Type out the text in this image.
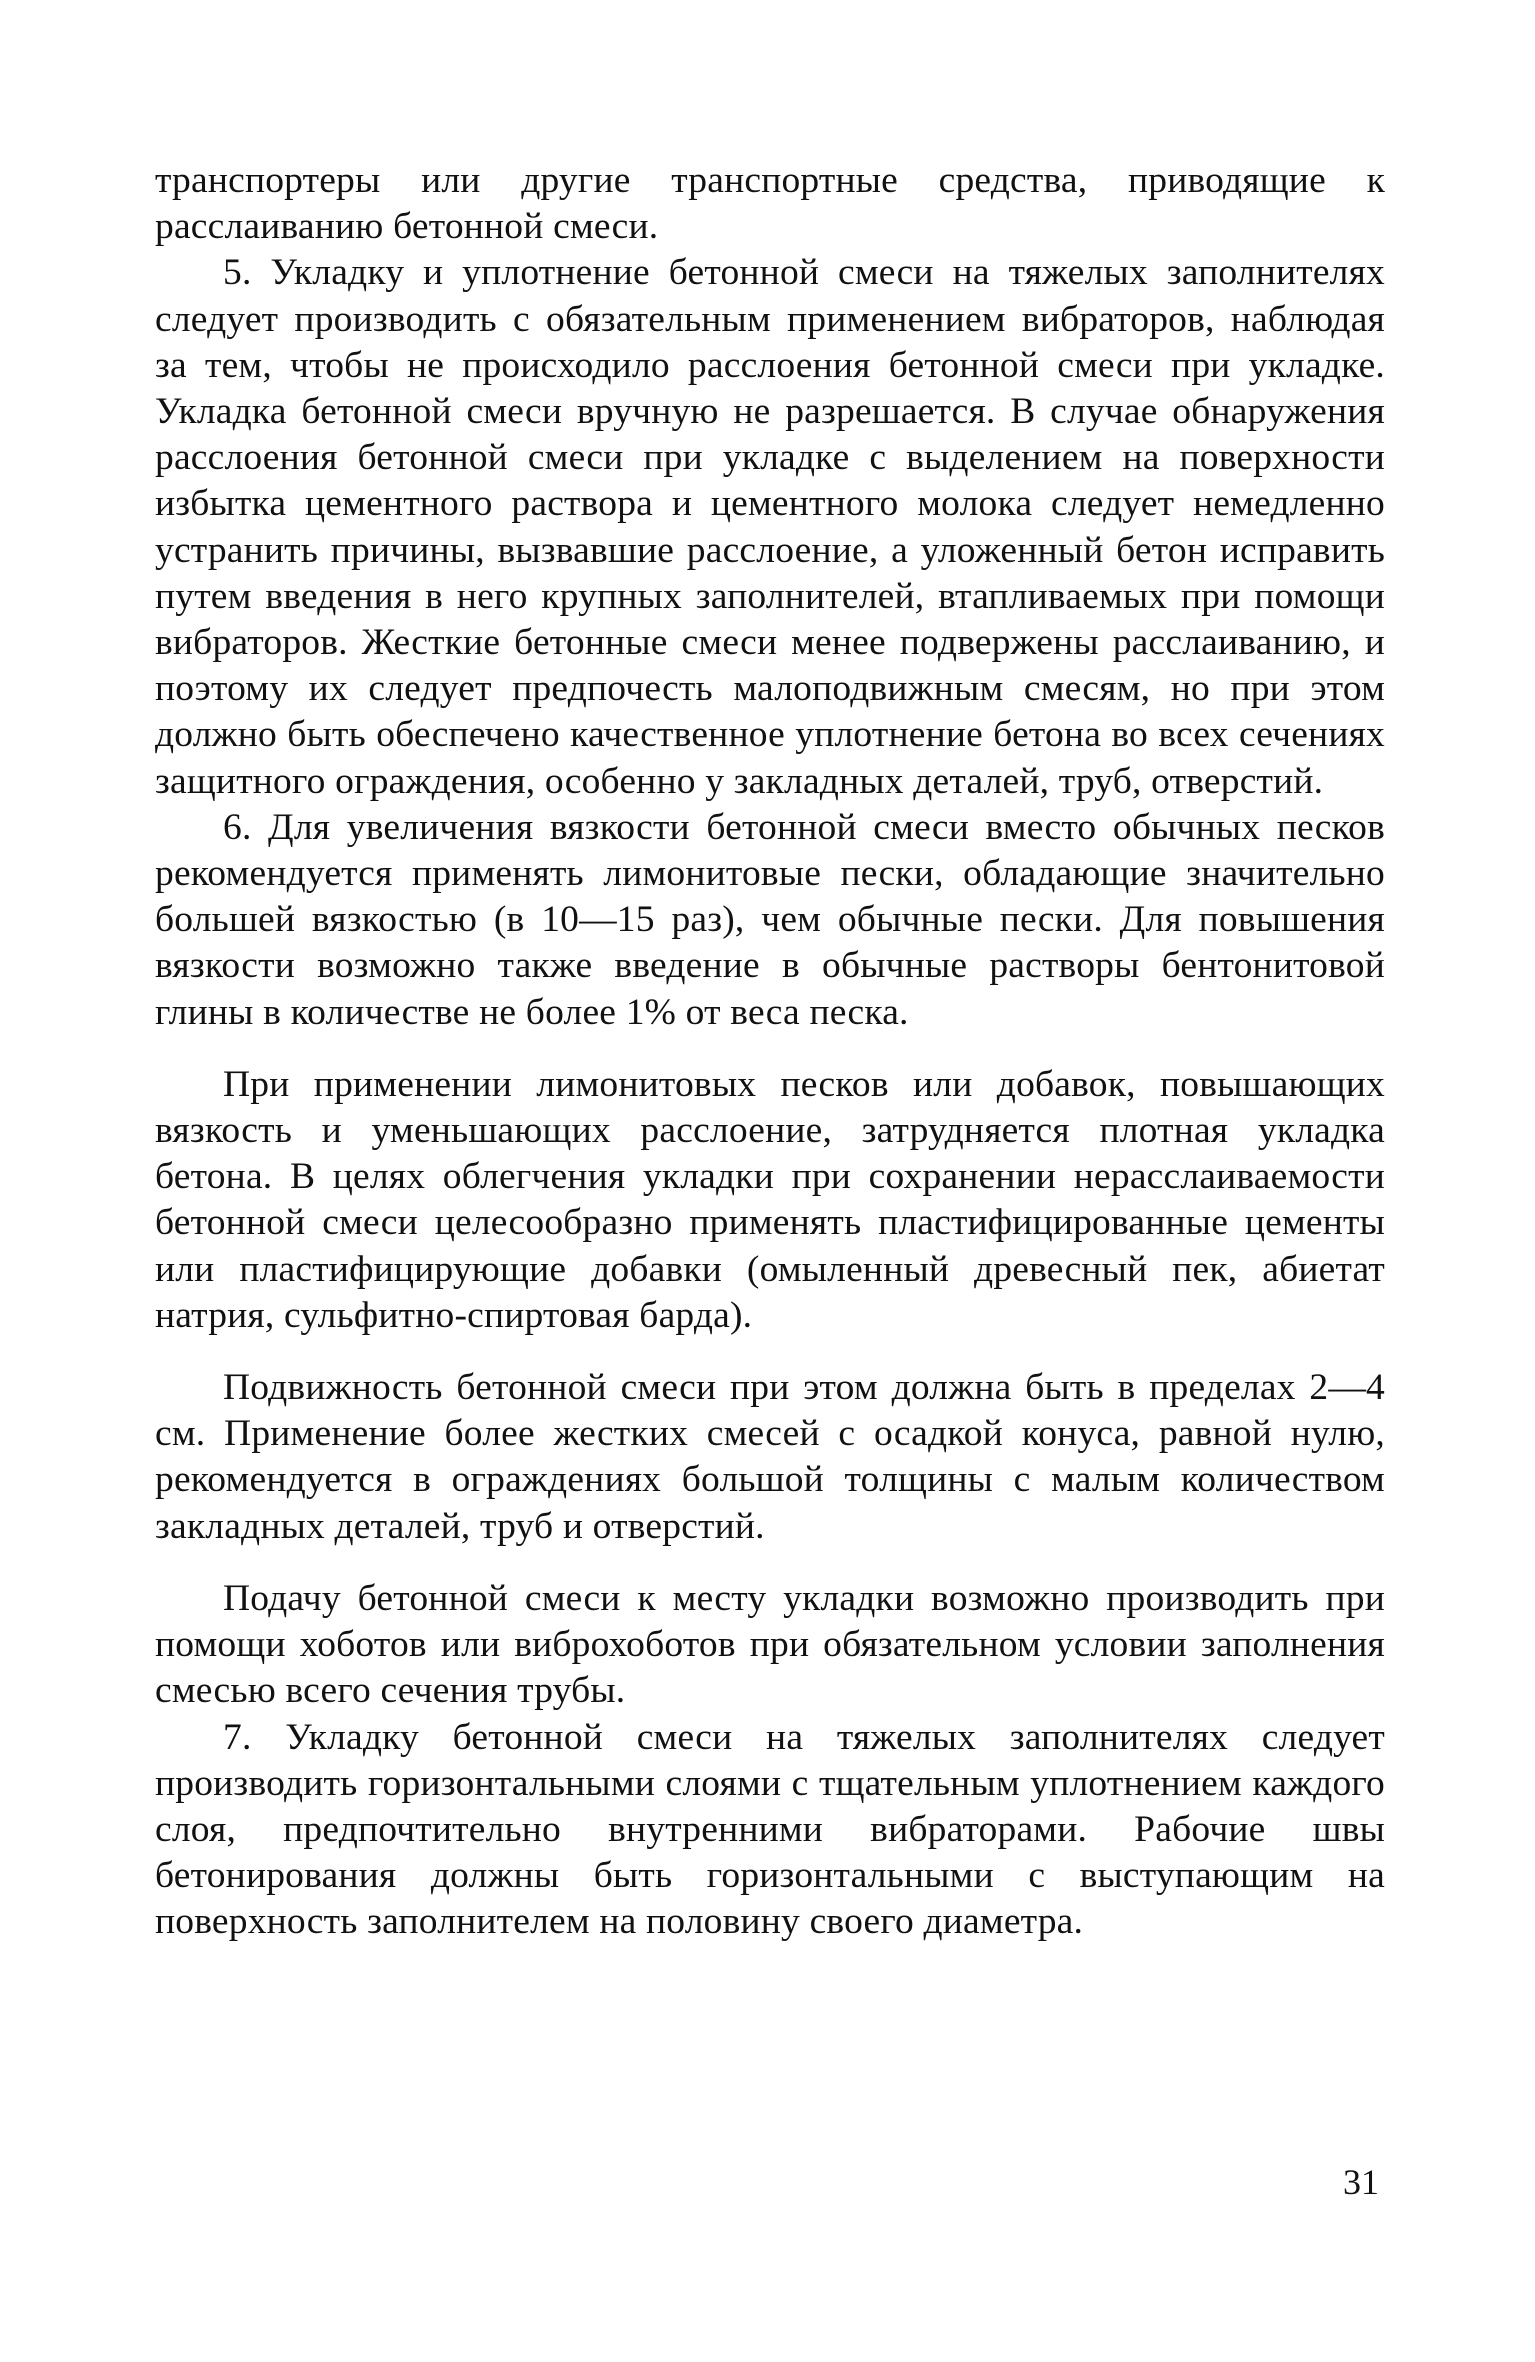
транспортеры или другие транспортные средства, приводящие к расслаиванию бетонной смеси.

5. Укладку и уплотнение бетонной смеси на тяжелых заполнителях следует производить с обязательным применением вибраторов, наблюдая за тем, чтобы не происходило расслоения бетонной смеси при укладке. Укладка бетонной смеси вручную не разрешается. В случае обнаружения расслоения бетонной смеси при укладке с выделением на поверхности избытка цементного раствора и цементного молока следует немедленно устранить причины, вызвавшие расслоение, а уложенный бетон исправить путем введения в него крупных заполнителей, втапливаемых при помощи вибраторов. Жесткие бетонные смеси менее подвержены расслаиванию, и поэтому их следует предпочесть малоподвижным смесям, но при этом должно быть обеспечено качественное уплотнение бетона во всех сечениях защитного ограждения, особенно у закладных деталей, труб, отверстий.

6. Для увеличения вязкости бетонной смеси вместо обычных песков рекомендуется применять лимонитовые пески, обладающие значительно большей вязкостью (в 10—15 раз), чем обычные пески. Для повышения вязкости возможно также введение в обычные растворы бентонитовой глины в количестве не более 1% от веса песка.

При применении лимонитовых песков или добавок, повышающих вязкость и уменьшающих расслоение, затрудняется плотная укладка бетона. В целях облегчения укладки при сохранении нерасслаиваемости бетонной смеси целесообразно применять пластифицированные цементы или пластифицирующие добавки (омыленный древесный пек, абиетат натрия, сульфитно-спиртовая барда).

Подвижность бетонной смеси при этом должна быть в пределах 2—4 см. Применение более жестких смесей с осадкой конуса, равной нулю, рекомендуется в ограждениях большой толщины с малым количеством закладных деталей, труб и отверстий.

Подачу бетонной смеси к месту укладки возможно производить при помощи хоботов или виброхоботов при обязательном условии заполнения смесью всего сечения трубы.

7. Укладку бетонной смеси на тяжелых заполнителях следует производить горизонтальными слоями с тщательным уплотнением каждого слоя, предпочтительно внутренними вибраторами. Рабочие швы бетонирования должны быть горизонтальными с выступающим на поверхность заполнителем на половину своего диаметра.

31
